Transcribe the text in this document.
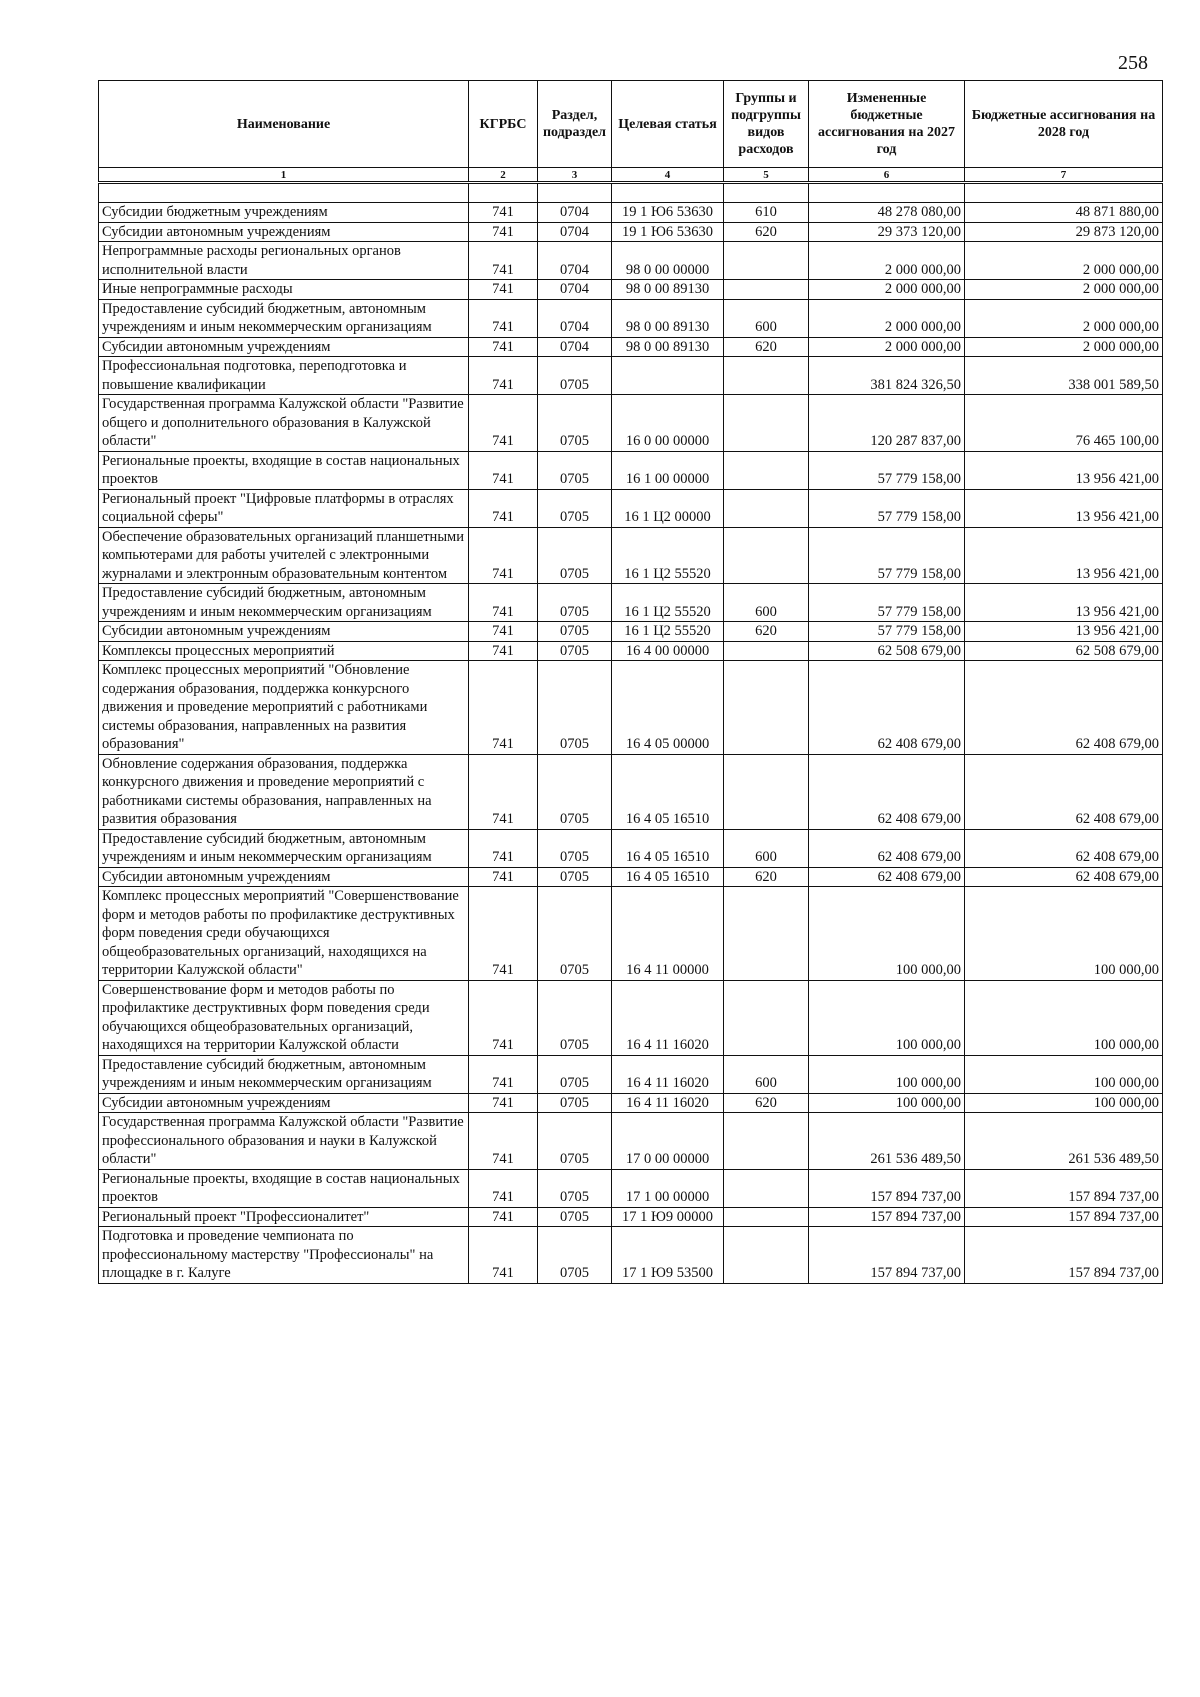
258
Наименование	КГРБС	Раздел, подраздел	Целевая статья	Группы и подгруппы видов расходов	Измененные бюджетные ассигнования на 2027 год	Бюджетные ассигнования на 2028 год
1	2	3	4	5	6	7

Субсидии бюджетным учреждениям	741	0704	19 1 Ю6 53630	610	48 278 080,00	48 871 880,00
Субсидии автономным учреждениям	741	0704	19 1 Ю6 53630	620	29 373 120,00	29 873 120,00
Непрограммные расходы региональных органов исполнительной власти	741	0704	98 0 00 00000		2 000 000,00	2 000 000,00
Иные непрограммные расходы	741	0704	98 0 00 89130		2 000 000,00	2 000 000,00
Предоставление субсидий бюджетным, автономным учреждениям и иным некоммерческим организациям	741	0704	98 0 00 89130	600	2 000 000,00	2 000 000,00
Субсидии автономным учреждениям	741	0704	98 0 00 89130	620	2 000 000,00	2 000 000,00
Профессиональная подготовка, переподготовка и повышение квалификации	741	0705			381 824 326,50	338 001 589,50
Государственная программа Калужской области "Развитие общего и дополнительного образования в Калужской области"	741	0705	16 0 00 00000		120 287 837,00	76 465 100,00
Региональные проекты, входящие в состав национальных проектов	741	0705	16 1 00 00000		57 779 158,00	13 956 421,00
Региональный проект "Цифровые платформы в отраслях социальной сферы"	741	0705	16 1 Ц2 00000		57 779 158,00	13 956 421,00
Обеспечение образовательных организаций планшетными компьютерами для работы учителей с электронными журналами и электронным образовательным контентом	741	0705	16 1 Ц2 55520		57 779 158,00	13 956 421,00
Предоставление субсидий бюджетным, автономным учреждениям и иным некоммерческим организациям	741	0705	16 1 Ц2 55520	600	57 779 158,00	13 956 421,00
Субсидии автономным учреждениям	741	0705	16 1 Ц2 55520	620	57 779 158,00	13 956 421,00
Комплексы процессных мероприятий	741	0705	16 4 00 00000		62 508 679,00	62 508 679,00
Комплекс процессных мероприятий "Обновление содержания образования, поддержка конкурсного движения и проведение мероприятий с работниками системы образования, направленных на развития образования"	741	0705	16 4 05 00000		62 408 679,00	62 408 679,00
Обновление содержания образования, поддержка конкурсного движения и проведение мероприятий с работниками системы образования, направленных на развития образования	741	0705	16 4 05 16510		62 408 679,00	62 408 679,00
Предоставление субсидий бюджетным, автономным учреждениям и иным некоммерческим организациям	741	0705	16 4 05 16510	600	62 408 679,00	62 408 679,00
Субсидии автономным учреждениям	741	0705	16 4 05 16510	620	62 408 679,00	62 408 679,00
Комплекс процессных мероприятий "Совершенствование форм и методов работы по профилактике деструктивных форм поведения среди обучающихся общеобразовательных организаций, находящихся на территории Калужской области"	741	0705	16 4 11 00000		100 000,00	100 000,00
Совершенствование форм и методов работы по профилактике деструктивных форм поведения среди обучающихся общеобразовательных организаций, находящихся на территории Калужской области	741	0705	16 4 11 16020		100 000,00	100 000,00
Предоставление субсидий бюджетным, автономным учреждениям и иным некоммерческим организациям	741	0705	16 4 11 16020	600	100 000,00	100 000,00
Субсидии автономным учреждениям	741	0705	16 4 11 16020	620	100 000,00	100 000,00
Государственная программа Калужской области "Развитие профессионального образования и науки в Калужской области"	741	0705	17 0 00 00000		261 536 489,50	261 536 489,50
Региональные проекты, входящие в состав национальных проектов	741	0705	17 1 00 00000		157 894 737,00	157 894 737,00
Региональный проект "Профессионалитет"	741	0705	17 1 Ю9 00000		157 894 737,00	157 894 737,00
Подготовка и проведение чемпионата по профессиональному мастерству "Профессионалы" на площадке в г. Калуге	741	0705	17 1 Ю9 53500		157 894 737,00	157 894 737,00
